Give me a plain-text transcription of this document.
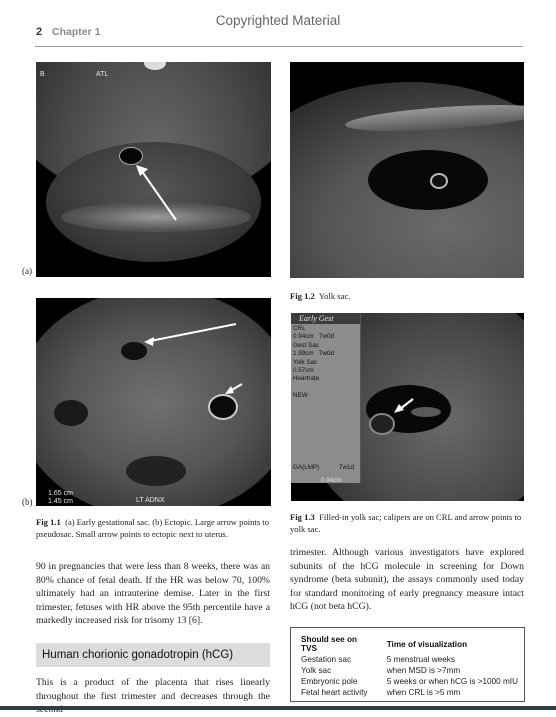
Copyrighted Material
2 Chapter 1
ATL
B
(a)
Fig 1.2 Yolk sac.
1.65 cm
1.45 cm	LT ADNX
(b)
Fig 1.1 (a) Early gestational sac. (b) Ectopic. Large arrow points to pseudosac. Small arrow points to ectopic next to uterus.
Early Gest
CRL
0.94cm   7w0d
Gest Sac
1.99cm   7w0d
Yolk Sac
0.57cm
Heartrate

NEW
GA(LMP)	7w1d
0.94cm
Fig 1.3 Filled-in yolk sac; calipers are on CRL and arrow points to yolk sac.
90 in pregnancies that were less than 8 weeks, there was an 80% chance of fetal death. If the HR was below 70, 100% ultimately had an intrauterine demise. Later in the first trimester, fetuses with HR above the 95th percentile have a markedly increased risk for trisomy 13 [6].
Human chorionic gonadotropin (hCG)
This is a product of the placenta that rises linearly throughout the first trimester and decreases through the
trimester. Although various investigators have explored subunits of the hCG molecule in screening for Down syndrome (beta subunit), the assays commonly used today for standard monitoring of early pregnancy measure intact hCG (not beta hCG).
Should see on TVS	Time of visualization
Gestation sac	5 menstrual weeks
Yolk sac	when MSD is >7mm
Embryonic pole	5 weeks or when hCG is >1000 mIU
Fetal heart activity	when CRL is >5 mm
